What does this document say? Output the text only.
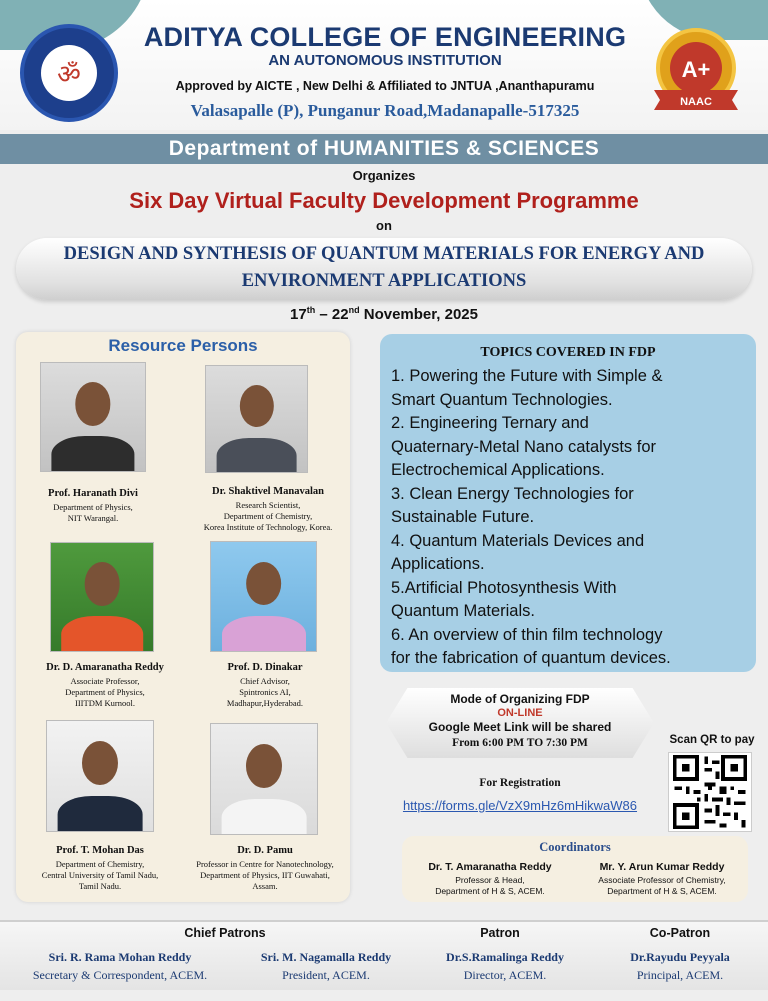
ॐ
ADITYA COLLEGE OF ENGINEERING
AN AUTONOMOUS INSTITUTION
Approved by AICTE , New Delhi & Affiliated to JNTUA ,Ananthapuramu
Valasapalle (P), Punganur Road,Madanapalle-517325
A+
NAAC
Department of HUMANITIES & SCIENCES
Organizes
Six Day Virtual Faculty Development Programme
on
DESIGN AND SYNTHESIS OF QUANTUM MATERIALS FOR ENERGY AND
ENVIRONMENT APPLICATIONS
17th – 22nd November, 2025
Resource Persons
Prof. Haranath Divi
Department of Physics,
NIT Warangal.
Dr. Shaktivel Manavalan
Research Scientist,
Department of Chemistry,
Korea Institute of Technology, Korea.
Dr. D. Amaranatha Reddy
Associate Professor,
Department of Physics,
IIITDM Kurnool.
Prof. D. Dinakar
Chief Advisor,
Spintronics AI,
Madhapur,Hyderabad.
Prof. T. Mohan Das
Department of Chemistry,
Central University of Tamil Nadu,
Tamil Nadu.
Dr. D. Pamu
Professor in Centre for Nanotechnology,
Department of Physics, IIT Guwahati,
Assam.
TOPICS COVERED IN FDP
1. Powering the Future with Simple &
Smart Quantum Technologies.
2. Engineering Ternary and
Quaternary-Metal Nano catalysts for
Electrochemical Applications.
3. Clean Energy Technologies for
Sustainable Future.
4. Quantum Materials Devices and
Applications.
5.Artificial Photosynthesis With
Quantum Materials.
6. An overview of thin film technology
for the fabrication of quantum devices.
Mode of Organizing FDP
ON-LINE
Google Meet Link will be shared
From 6:00 PM TO 7:30 PM	Scan QR to pay
For Registration
https://forms.gle/VzX9mHz6mHikwaW86
Coordinators
Dr. T. Amaranatha Reddy
Professor & Head,
Department of H & S, ACEM.
Mr. Y. Arun Kumar Reddy
Associate Professor of Chemistry,
Department of H & S, ACEM.
Chief Patrons	Patron	Co-Patron
Sri. R. Rama Mohan Reddy
Secretary & Correspondent, ACEM.
Sri. M. Nagamalla Reddy
President, ACEM.
Dr.S.Ramalinga Reddy
Director, ACEM.
Dr.Rayudu Peyyala
Principal, ACEM.
